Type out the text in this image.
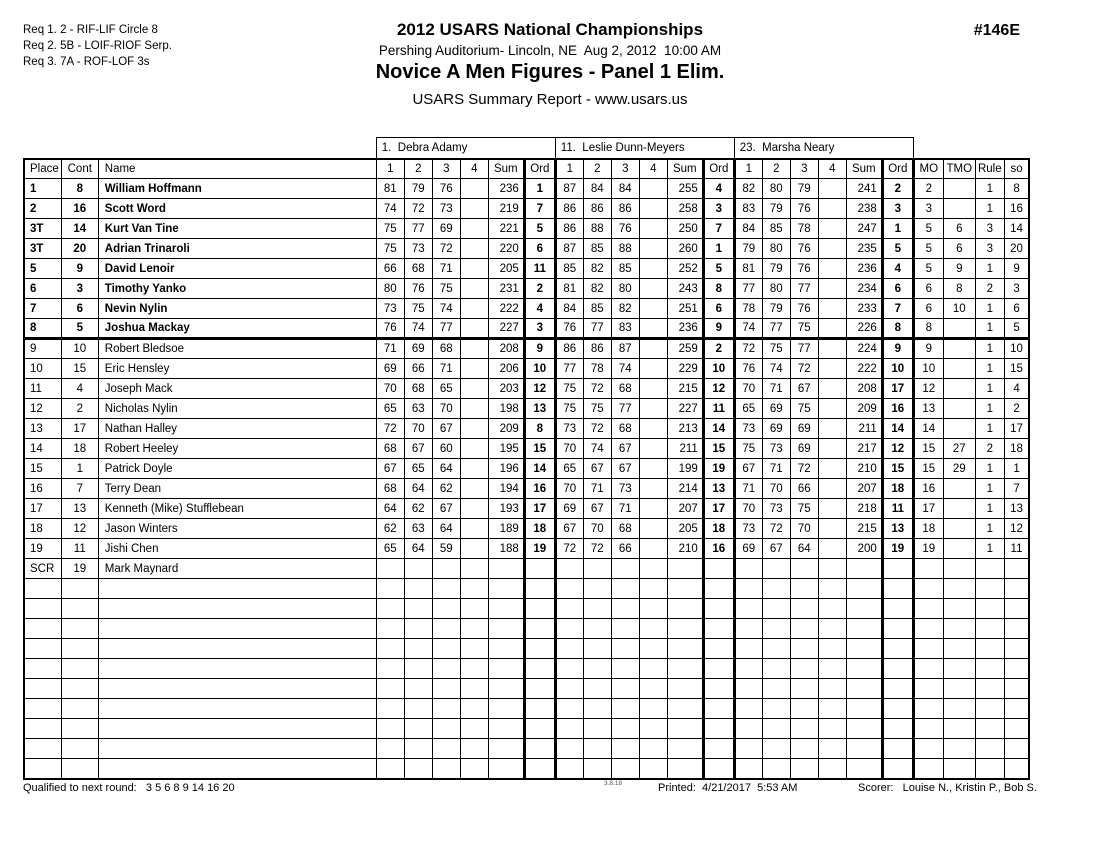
Req 1. 2 - RIF-LIF Circle 8
Req 2. 5B - LOIF-RIOF Serp.
Req 3. 7A - ROF-LOF 3s
2012 USARS National Championships
Pershing Auditorium- Lincoln, NE  Aug 2, 2012  10:00 AM
Novice A Men Figures - Panel 1 Elim.
USARS Summary Report - www.usars.us
#146E
			1.  Debra Adamy						11.  Leslie Dunn-Meyers						23.  Marsha Neary									
Place	Cont	Name	1	2	3	4	Sum	Ord	1	2	3	4	Sum	Ord	1	2	3	4	Sum	Ord	MO	TMO	Rule	so
1	8	William Hoffmann	81	79	76		236	1	87	84	84		255	4	82	80	79		241	2	2		1	8
2	16	Scott Word	74	72	73		219	7	86	86	86		258	3	83	79	76		238	3	3		1	16
3T	14	Kurt Van Tine	75	77	69		221	5	86	88	76		250	7	84	85	78		247	1	5	6	3	14
3T	20	Adrian Trinaroli	75	73	72		220	6	87	85	88		260	1	79	80	76		235	5	5	6	3	20
5	9	David Lenoir	66	68	71		205	11	85	82	85		252	5	81	79	76		236	4	5	9	1	9
6	3	Timothy Yanko	80	76	75		231	2	81	82	80		243	8	77	80	77		234	6	6	8	2	3
7	6	Nevin Nylin	73	75	74		222	4	84	85	82		251	6	78	79	76		233	7	6	10	1	6
8	5	Joshua Mackay	76	74	77		227	3	76	77	83		236	9	74	77	75		226	8	8		1	5
9	10	Robert Bledsoe	71	69	68		208	9	86	86	87		259	2	72	75	77		224	9	9		1	10
10	15	Eric Hensley	69	66	71		206	10	77	78	74		229	10	76	74	72		222	10	10		1	15
11	4	Joseph Mack	70	68	65		203	12	75	72	68		215	12	70	71	67		208	17	12		1	4
12	2	Nicholas Nylin	65	63	70		198	13	75	75	77		227	11	65	69	75		209	16	13		1	2
13	17	Nathan Halley	72	70	67		209	8	73	72	68		213	14	73	69	69		211	14	14		1	17
14	18	Robert Heeley	68	67	60		195	15	70	74	67		211	15	75	73	69		217	12	15	27	2	18
15	1	Patrick Doyle	67	65	64		196	14	65	67	67		199	19	67	71	72		210	15	15	29	1	1
16	7	Terry Dean	68	64	62		194	16	70	71	73		214	13	71	70	66		207	18	16		1	7
17	13	Kenneth (Mike) Stufflebean	64	62	67		193	17	69	67	71		207	17	70	73	75		218	11	17		1	13
18	12	Jason Winters	62	63	64		189	18	67	70	68		205	18	73	72	70		215	13	18		1	12
19	11	Jishi Chen	65	64	59		188	19	72	72	66		210	16	69	67	64		200	19	19		1	11
SCR	19	Mark Maynard																						

Qualified to next round:   3 5 6 8 9 14 16 20	3.8.18	Printed:  4/21/2017  5:53 AM	Scorer:   Louise N., Kristin P., Bob S.
